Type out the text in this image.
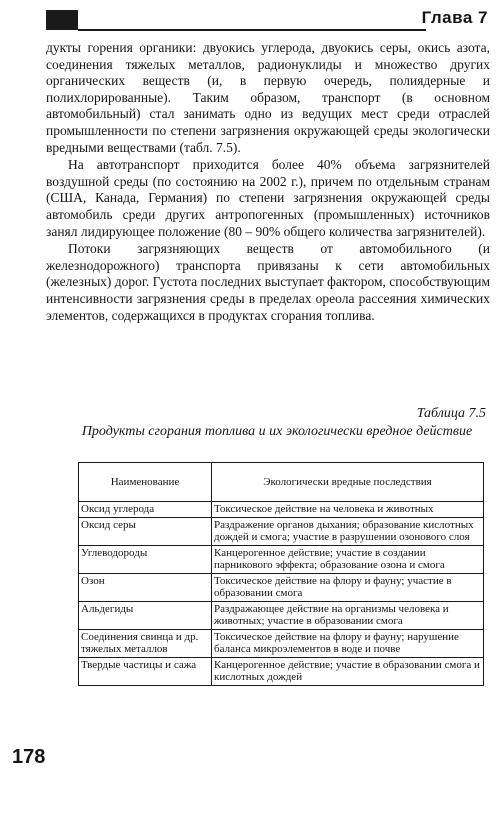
Глава 7

дукты горения органики: двуокись углерода, двуокись серы, окись азота, соединения тяжелых металлов, радионуклиды и множество других органических веществ (и, в первую очередь, полиядерные и полихлорированные). Таким образом, транспорт (в основном автомобильный) стал занимать одно из ведущих мест среди отраслей промышленности по степени загрязнения окружающей среды экологически вредными веществами (табл. 7.5).

На автотранспорт приходится более 40% объема загрязнителей воздушной среды (по состоянию на 2002 г.), причем по отдельным странам (США, Канада, Германия) по степени загрязнения окружающей среды автомобиль среди других антропогенных (промышленных) источников занял лидирующее положение (80 – 90% общего количества загрязнителей).

Потоки загрязняющих веществ от автомобильного (и железнодорожного) транспорта привязаны к сети автомобильных (железных) дорог. Густота последних выступает фактором, способствующим интенсивности загрязнения среды в пределах ореола рассеяния химических элементов, содержащихся в продуктах сгорания топлива.

Таблица 7.5
Продукты сгорания топлива и их экологически вредное действие
Наименование	Экологически вредные последствия
Оксид углерода	Токсическое действие на человека и животных
Оксид серы	Раздражение органов дыхания; образование кислотных дождей и смога; участие в разрушении озонового слоя
Углеводороды	Канцерогенное действие; участие в создании парникового эффекта; образование озона и смога
Озон	Токсическое действие на флору и фауну; участие в образовании смога
Альдегиды	Раздражающее действие на организмы человека и животных; участие в образовании смога
Соединения свинца и др. тяжелых металлов	Токсическое действие на флору и фауну; нарушение баланса микроэлементов в воде и почве
Твердые частицы и сажа	Канцерогенное действие; участие в образовании смога и кислотных дождей
178
